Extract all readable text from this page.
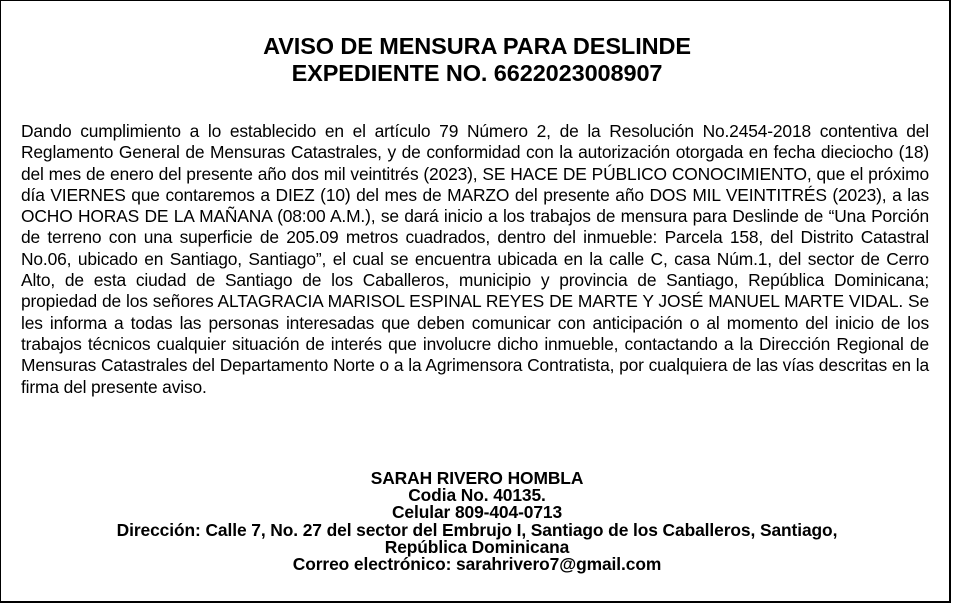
AVISO DE MENSURA PARA DESLINDE
EXPEDIENTE NO. 6622023008907
Dando cumplimiento a lo establecido en el artículo 79 Número 2, de la Resolución No.2454-2018 contentiva del Reglamento General de Mensuras Catastrales, y de conformidad con la autorización otorgada en fecha dieciocho (18) del mes de enero del presente año dos mil veintitrés (2023), SE HACE DE PÚBLICO CONOCIMIENTO, que el próximo día VIERNES que contaremos a DIEZ (10) del mes de MARZO del presente año DOS MIL VEINTITRÉS (2023), a las OCHO HORAS DE LA MAÑANA (08:00 A.M.), se dará inicio a los trabajos de mensura para Deslinde de “Una Porción de terreno con una superficie de 205.09 metros cuadrados, dentro del inmueble: Parcela 158, del Distrito Catastral No.06, ubicado en Santiago, Santiago”, el cual se encuentra ubicada en la calle C, casa Núm.1, del sector de Cerro Alto, de esta ciudad de Santiago de los Caballeros, municipio y provincia de Santiago, República Dominicana; propiedad de los señores ALTAGRACIA MARISOL ESPINAL REYES DE MARTE Y JOSÉ MANUEL MARTE VIDAL. Se les informa a todas las personas interesadas que deben comunicar con anticipación o al momento del inicio de los trabajos técnicos cualquier situación de interés que involucre dicho inmueble, contactando a la Dirección Regional de Mensuras Catastrales del Departamento Norte o a la Agrimensora Contratista, por cualquiera de las vías descritas en la firma del presente aviso.
SARAH RIVERO HOMBLA
Codia No. 40135.
Celular 809-404-0713
Dirección: Calle 7, No. 27 del sector del Embrujo I, Santiago de los Caballeros, Santiago,
República Dominicana
Correo electrónico: sarahrivero7@gmail.com
